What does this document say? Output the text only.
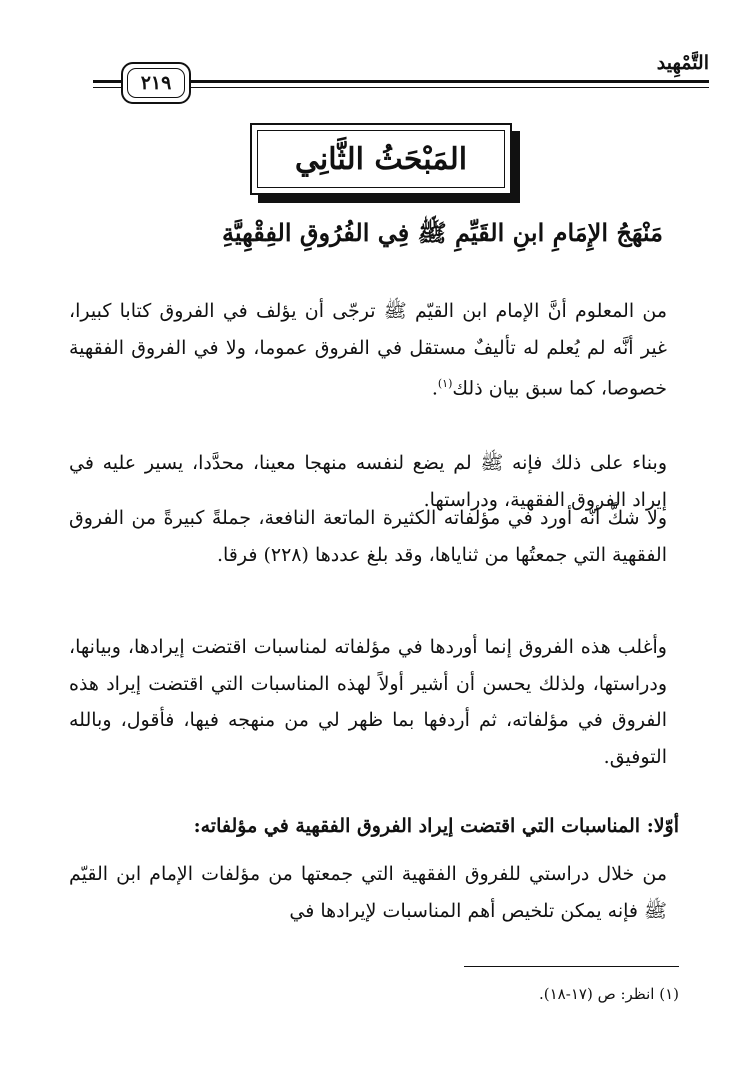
التَّمْهِيد
٢١٩
المَبْحَثُ الثَّانِي
مَنْهَجُ الإِمَامِ ابنِ القَيِّمِ ﷺ فِي الفُرُوقِ الفِقْهِيَّةِ
من المعلوم أنَّ الإمام ابن القيّم ﷺ ترجّى أن يؤلف في الفروق كتابا كبيرا، غير أنَّه لم يُعلم له تأليفٌ مستقل في الفروق عموما، ولا في الفروق الفقهية خصوصا، كما سبق بيان ذلك$^{(١)}$.
وبناء على ذلك فإنه ﷺ لم يضع لنفسه منهجا معينا، محدَّدا، يسير عليه في إيراد الفروق الفقهية، ودراستها.
ولا شكَّ أنّه أورد في مؤلفاته الكثيرة الماتعة النافعة، جملةً كبيرةً من الفروق الفقهية التي جمعتُها من ثناياها، وقد بلغ عددها (٢٢٨) فرقا.
وأغلب هذه الفروق إنما أوردها في مؤلفاته لمناسبات اقتضت إيرادها، وبيانها، ودراستها، ولذلك يحسن أن أشير أولاً لهذه المناسبات التي اقتضت إيراد هذه الفروق في مؤلفاته، ثم أردفها بما ظهر لي من منهجه فيها، فأقول، وبالله التوفيق.
أوّلا: المناسبات التي اقتضت إيراد الفروق الفقهية في مؤلفاته:
من خلال دراستي للفروق الفقهية التي جمعتها من مؤلفات الإمام ابن القيّم ﷺ فإنه يمكن تلخيص أهم المناسبات لإيرادها في
(١) انظر: ص (١٧-١٨).
